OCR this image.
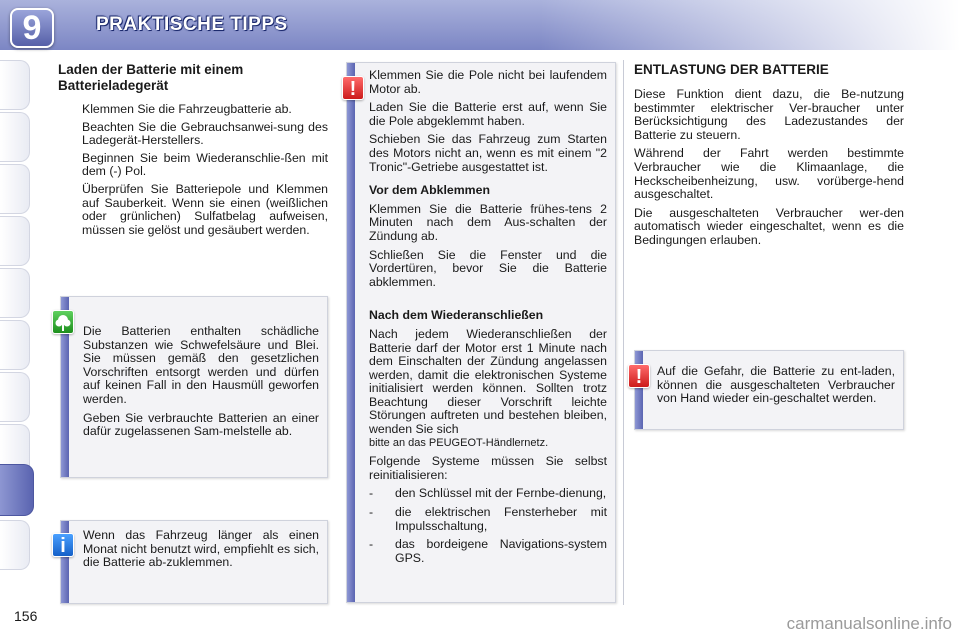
9	PRAKTISCHE TIPPS
Laden der Batterie mit einem Batterieladegerät
Klemmen Sie die Fahrzeugbatterie ab.
Beachten Sie die Gebrauchsanwei-sung des Ladegerät-Herstellers.
Beginnen Sie beim Wiederanschlie-ßen mit dem (-) Pol.
Überprüfen Sie Batteriepole und Klemmen auf Sauberkeit. Wenn sie einen (weißlichen oder grünlichen) Sulfatbelag aufweisen, müssen sie gelöst und gesäubert werden.

Die Batterien enthalten schädliche Substanzen wie Schwefelsäure und Blei. Sie müssen gemäß den gesetzlichen Vorschriften entsorgt werden und dürfen auf keinen Fall in den Hausmüll geworfen werden.

Geben Sie verbrauchte Batterien an einer dafür zugelassenen Sam-melstelle ab.

Wenn das Fahrzeug länger als einen Monat nicht benutzt wird, empfiehlt es sich, die Batterie ab-zuklemmen.

i

Klemmen Sie die Pole nicht bei laufendem Motor ab.

Laden Sie die Batterie erst auf, wenn Sie die Pole abgeklemmt haben.

Schieben Sie das Fahrzeug zum Starten des Motors nicht an, wenn es mit einem "2 Tronic"-Getriebe ausgestattet ist.

Vor dem Abklemmen

Klemmen Sie die Batterie frühes-tens 2 Minuten nach dem Aus-schalten der Zündung ab.

Schließen Sie die Fenster und die Vordertüren, bevor Sie die Batterie abklemmen.

Nach dem Wiederanschließen

Nach jedem Wiederanschließen der Batterie darf der Motor erst 1 Minute nach dem Einschalten der Zündung angelassen werden, damit die elektronischen Systeme initialisiert werden können. Sollten trotz Beachtung dieser Vorschrift leichte Störungen auftreten und bestehen bleiben, wenden Sie sich

bitte an das PEUGEOT-Händlernetz.

Folgende Systeme müssen Sie selbst reinitialisieren:

- den Schlüssel mit der Fernbe-dienung,
- die elektrischen Fensterheber mit Impulsschaltung,
- das bordeigene Navigations-system GPS.
!
ENTLASTUNG DER BATTERIE

Diese Funktion dient dazu, die Be-nutzung bestimmter elektrischer Ver-braucher unter Berücksichtigung des Ladezustandes der Batterie zu steuern.

Während der Fahrt werden bestimmte Verbraucher wie die Klimaanlage, die Heckscheibenheizung, usw. vorüberge-hend ausgeschaltet.

Die ausgeschalteten Verbraucher wer-den automatisch wieder eingeschaltet, wenn es die Bedingungen erlauben.

Auf die Gefahr, die Batterie zu ent-laden, können die ausgeschalteten Verbraucher von Hand wieder ein-geschaltet werden.

!
156	carmanualsonline.info
